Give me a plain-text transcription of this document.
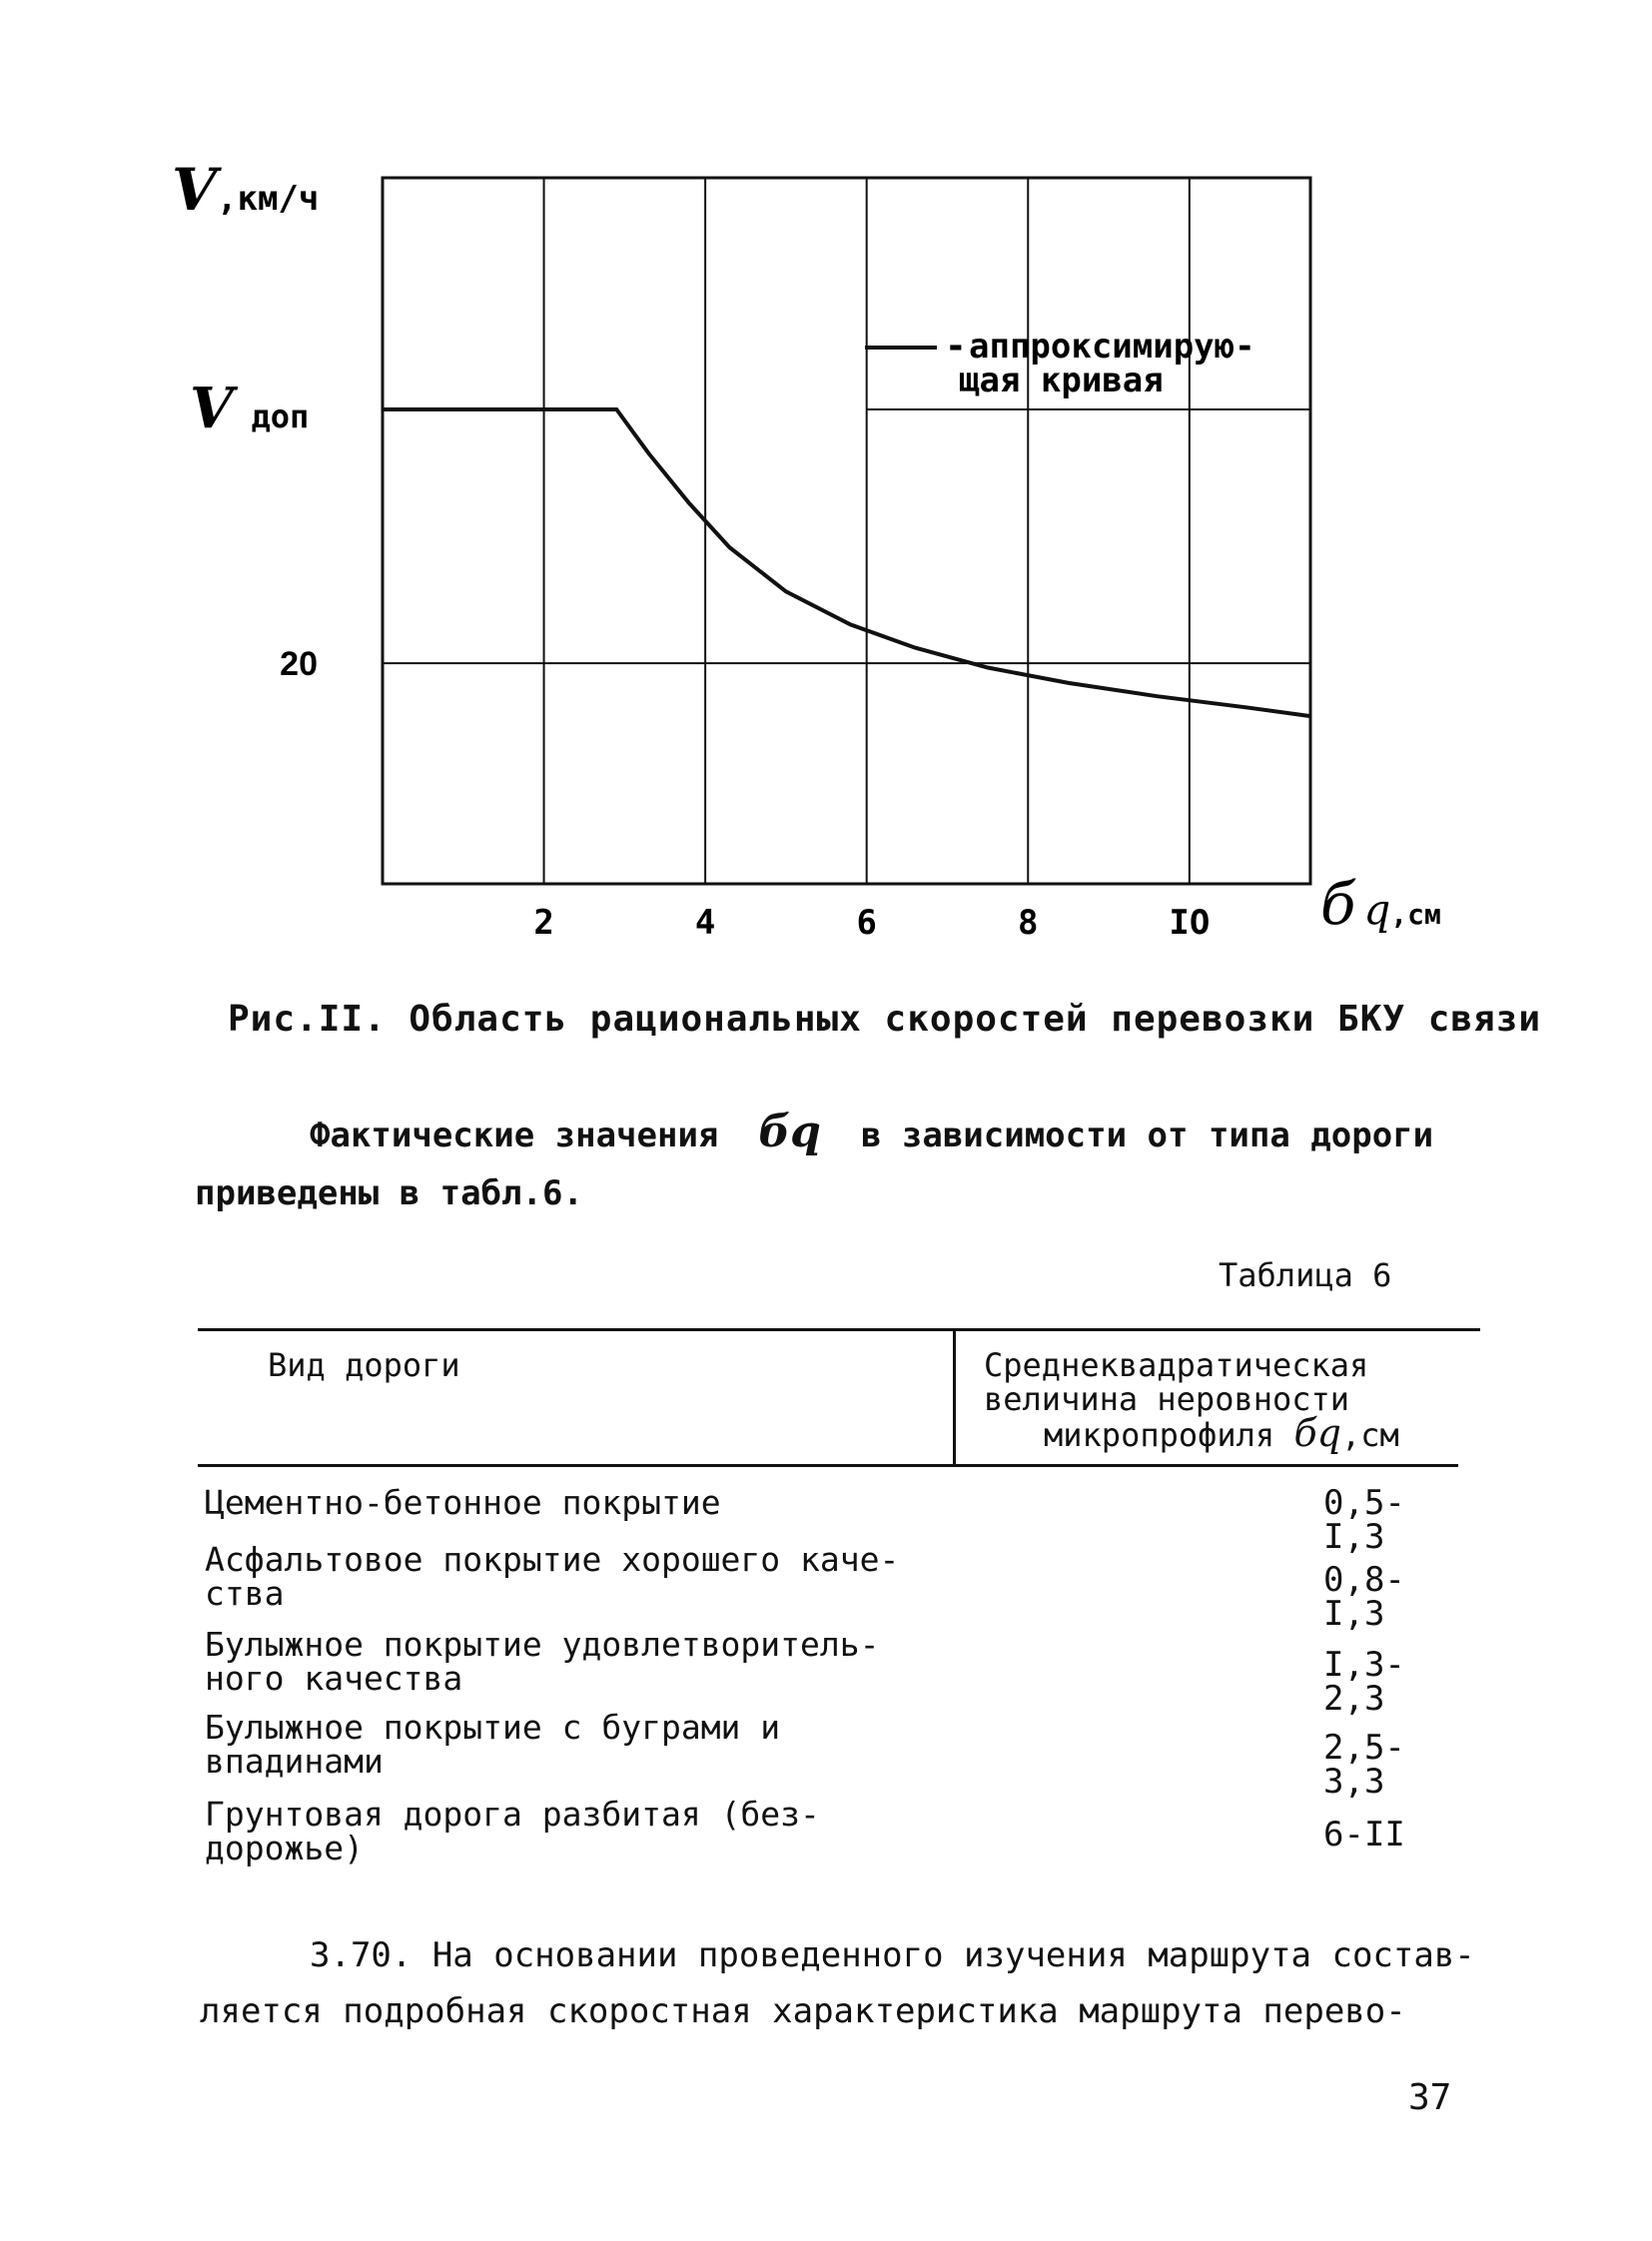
2	4	6	8	IO
20
V,км/ч
Vдоп
б q,см
- аппроксимирую-щая кривая
Рис.II. Область рациональных скоростей перевозки БКУ связи
Фактические значения бq в зависимости от типа дороги
приведены в табл.6.
Таблица 6
Вид дороги	Среднеквадратическая
величина неровности
микропрофиля бq,см
Цементно-бетонное покрытие	0,5-I,3
Асфальтовое покрытие хорошего каче-
ства	0,8-I,3
Булыжное покрытие удовлетворитель-
ного качества	I,3-2,3
Булыжное покрытие с буграми и
впадинами	2,5-3,3
Грунтовая дорога разбитая (без-
дорожье)	6-II
3.70. На основании проведенного изучения маршрута состав-
ляется подробная скоростная характеристика маршрута перево-
37
